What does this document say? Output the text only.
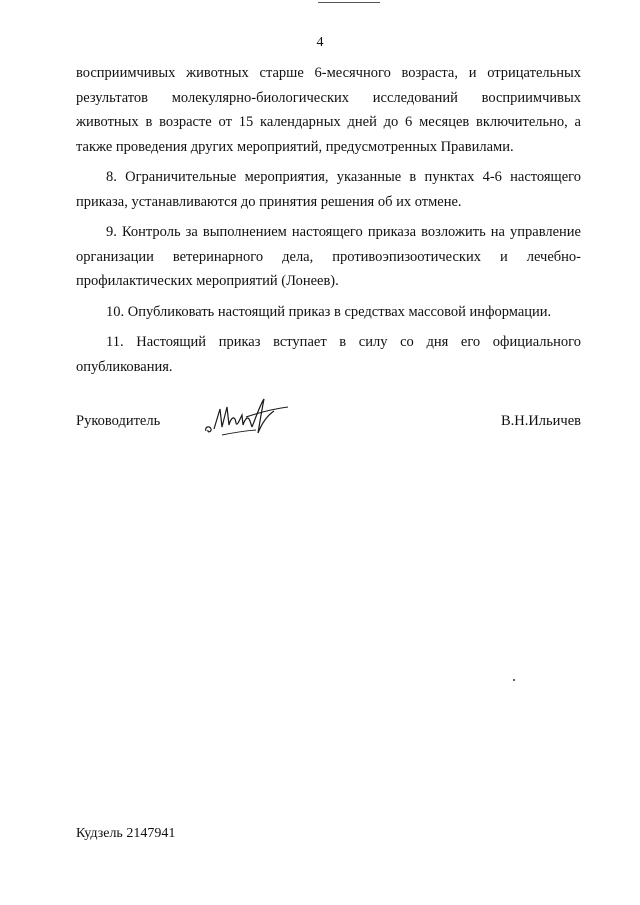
4

восприимчивых животных старше 6-месячного возраста, и отрицательных результатов молекулярно-биологических исследований восприимчивых животных в возрасте от 15 календарных дней до 6 месяцев включительно, а также проведения других мероприятий, предусмотренных Правилами.

8. Ограничительные мероприятия, указанные в пунктах 4-6 настоящего приказа, устанавливаются до принятия решения об их отмене.

9. Контроль за выполнением настоящего приказа возложить на управление организации ветеринарного дела, противоэпизоотических и лечебно-профилактических мероприятий (Лонеев).

10. Опубликовать настоящий приказ в средствах массовой информации.

11. Настоящий приказ вступает в силу со дня его официального опубликования.

Руководитель	В.Н.Ильичев
Кудзель 2147941
